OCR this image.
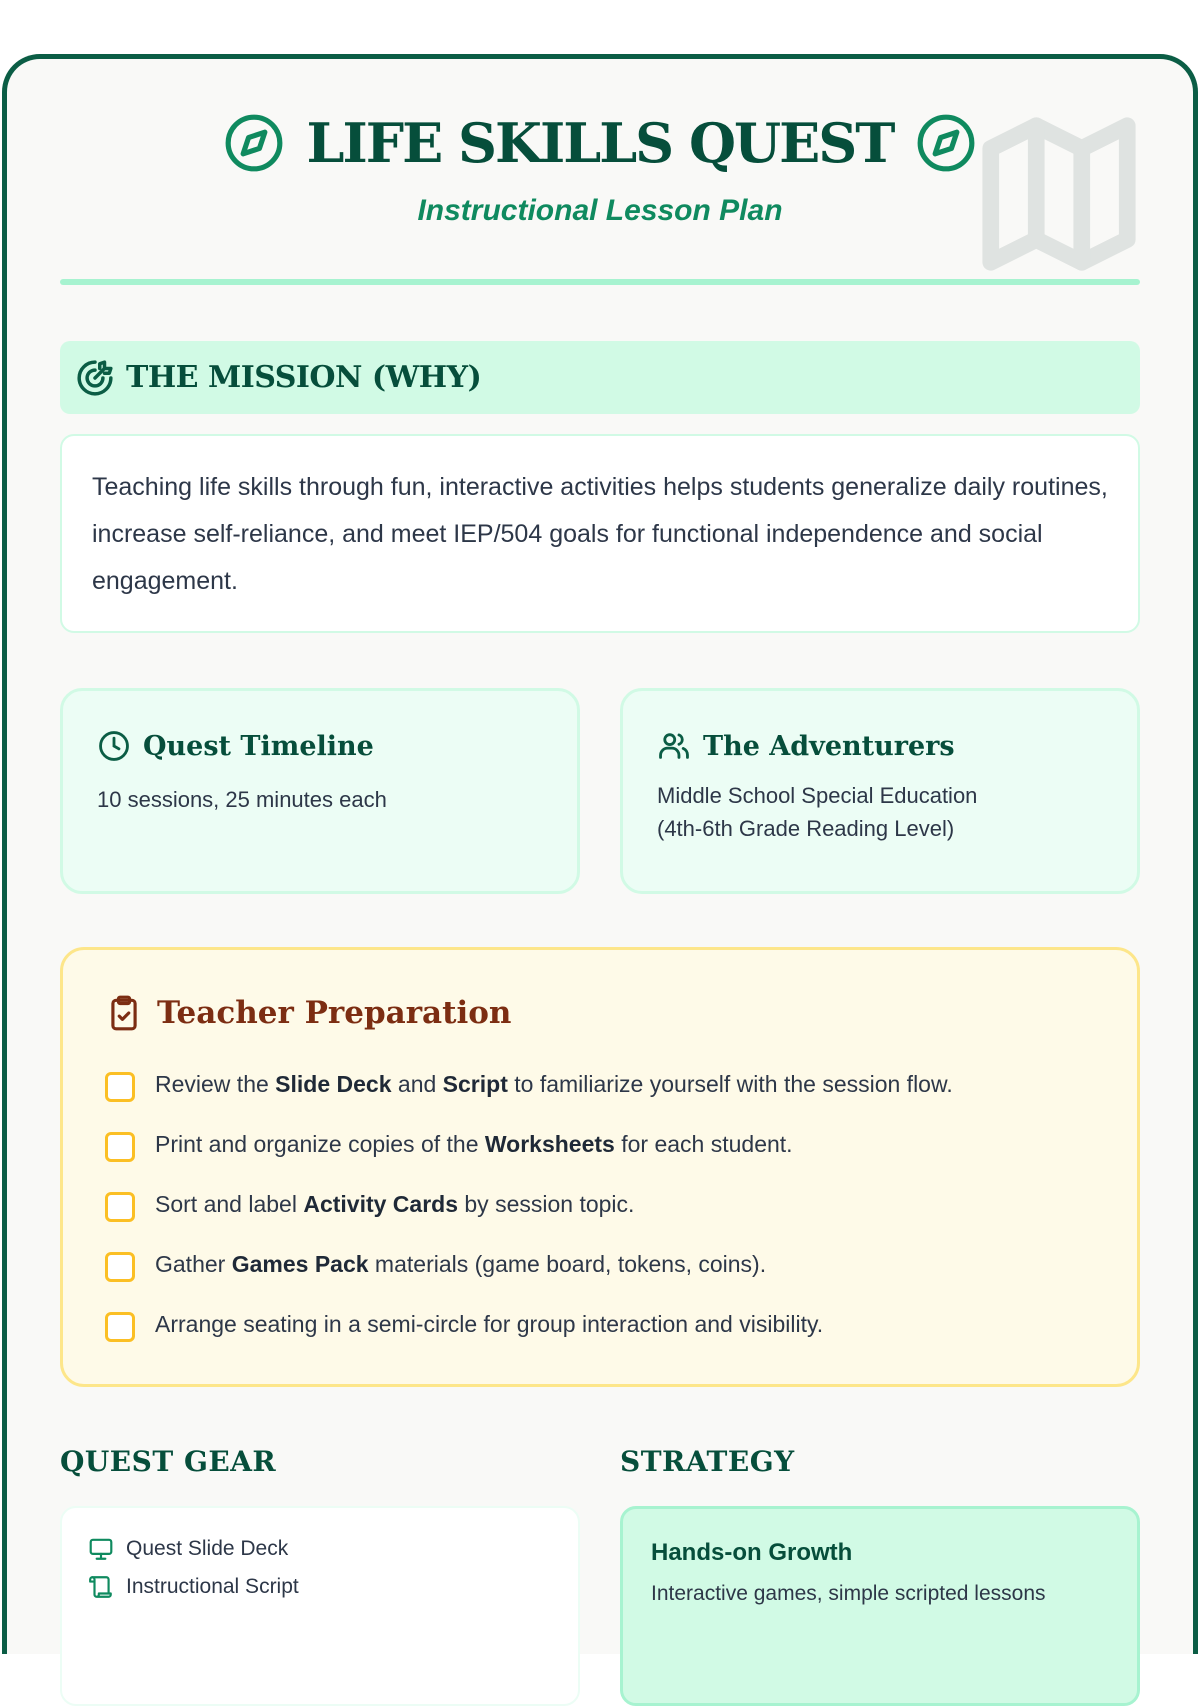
LIFE SKILLS QUEST
Instructional Lesson Plan
THE MISSION (WHY)
Teaching life skills through fun, interactive activities helps students generalize daily routines, increase self-reliance, and meet IEP/504 goals for functional independence and social engagement.
Quest Timeline

10 sessions, 25 minutes each

The Adventurers

Middle School Special Education

(4th-6th Grade Reading Level)

Teacher Preparation
Review the Slide Deck and Script to familiarize yourself with the session flow.
Print and organize copies of the Worksheets for each student.
Sort and label Activity Cards by session topic.
Gather Games Pack materials (game board, tokens, coins).
Arrange seating in a semi-circle for group interaction and visibility.
QUEST GEAR	STRATEGY
Quest Slide Deck
Instructional Script
Hands-on Growth

Interactive games, simple scripted lessons
